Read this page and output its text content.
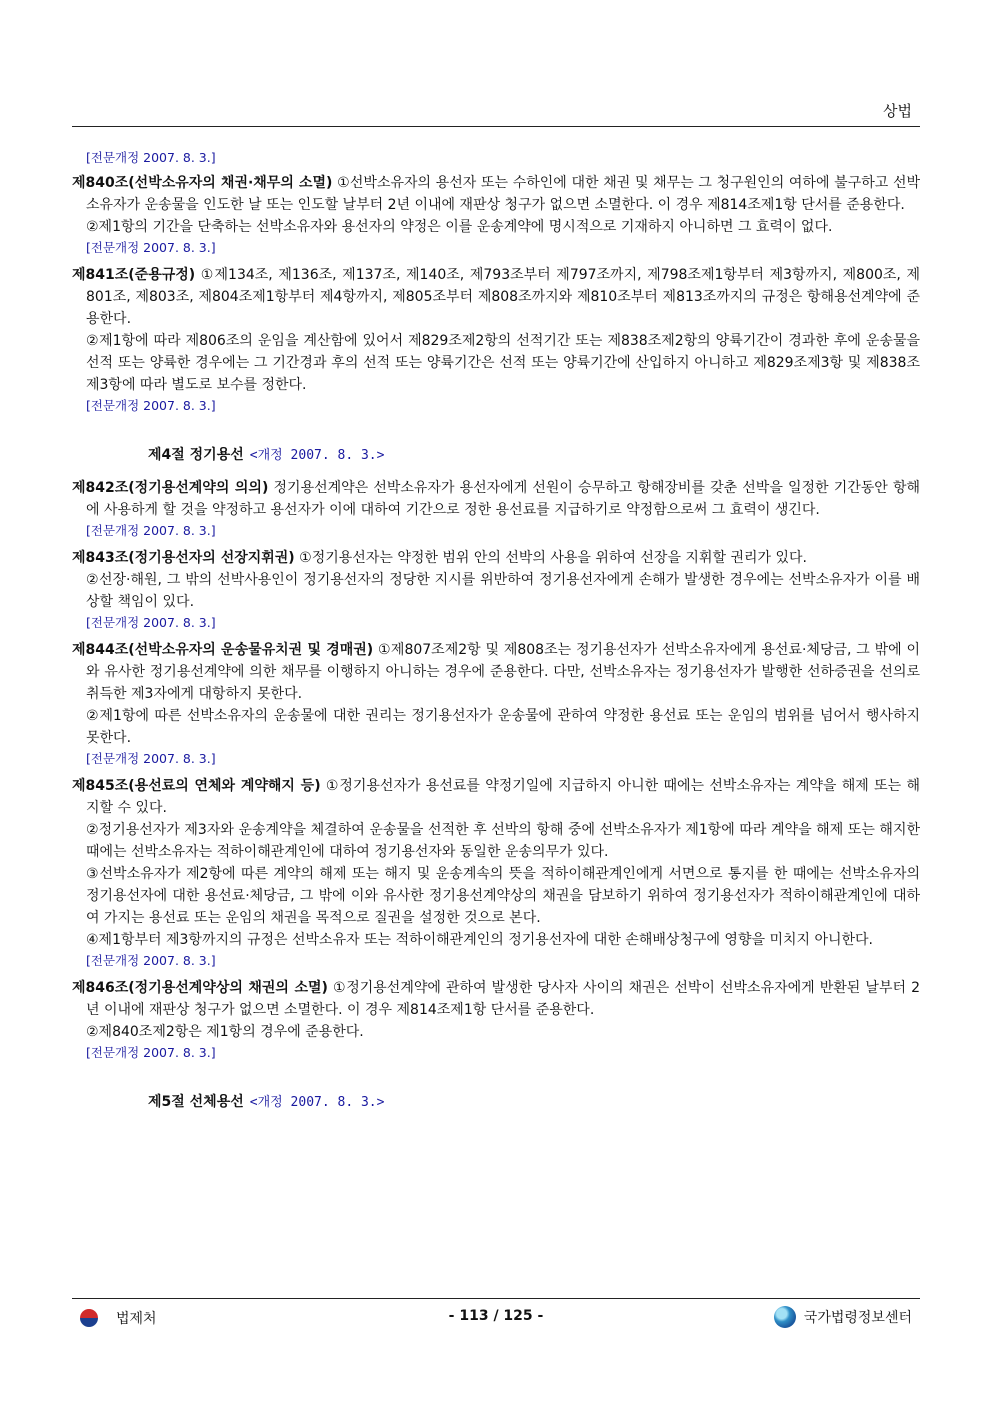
상법
[전문개정 2007. 8. 3.]

제840조(선박소유자의 채권·채무의 소멸) ①선박소유자의 용선자 또는 수하인에 대한 채권 및 채무는 그 청구원인의 여하에 불구하고 선박소유자가 운송물을 인도한 날 또는 인도할 날부터 2년 이내에 재판상 청구가 없으면 소멸한다. 이 경우 제814조제1항 단서를 준용한다.

②제1항의 기간을 단축하는 선박소유자와 용선자의 약정은 이를 운송계약에 명시적으로 기재하지 아니하면 그 효력이 없다.

[전문개정 2007. 8. 3.]

제841조(준용규정) ①제134조, 제136조, 제137조, 제140조, 제793조부터 제797조까지, 제798조제1항부터 제3항까지, 제800조, 제801조, 제803조, 제804조제1항부터 제4항까지, 제805조부터 제808조까지와 제810조부터 제813조까지의 규정은 항해용선계약에 준용한다.

②제1항에 따라 제806조의 운임을 계산함에 있어서 제829조제2항의 선적기간 또는 제838조제2항의 양륙기간이 경과한 후에 운송물을 선적 또는 양륙한 경우에는 그 기간경과 후의 선적 또는 양륙기간은 선적 또는 양륙기간에 산입하지 아니하고 제829조제3항 및 제838조제3항에 따라 별도로 보수를 정한다.

[전문개정 2007. 8. 3.]
제4절 정기용선 <개정 2007. 8. 3.>

제842조(정기용선계약의 의의) 정기용선계약은 선박소유자가 용선자에게 선원이 승무하고 항해장비를 갖춘 선박을 일정한 기간동안 항해에 사용하게 할 것을 약정하고 용선자가 이에 대하여 기간으로 정한 용선료를 지급하기로 약정함으로써 그 효력이 생긴다.

[전문개정 2007. 8. 3.]

제843조(정기용선자의 선장지휘권) ①정기용선자는 약정한 범위 안의 선박의 사용을 위하여 선장을 지휘할 권리가 있다.

②선장·해원, 그 밖의 선박사용인이 정기용선자의 정당한 지시를 위반하여 정기용선자에게 손해가 발생한 경우에는 선박소유자가 이를 배상할 책임이 있다.

[전문개정 2007. 8. 3.]

제844조(선박소유자의 운송물유치권 및 경매권) ①제807조제2항 및 제808조는 정기용선자가 선박소유자에게 용선료·체당금, 그 밖에 이와 유사한 정기용선계약에 의한 채무를 이행하지 아니하는 경우에 준용한다. 다만, 선박소유자는 정기용선자가 발행한 선하증권을 선의로 취득한 제3자에게 대항하지 못한다.

②제1항에 따른 선박소유자의 운송물에 대한 권리는 정기용선자가 운송물에 관하여 약정한 용선료 또는 운임의 범위를 넘어서 행사하지 못한다.

[전문개정 2007. 8. 3.]

제845조(용선료의 연체와 계약해지 등) ①정기용선자가 용선료를 약정기일에 지급하지 아니한 때에는 선박소유자는 계약을 해제 또는 해지할 수 있다.

②정기용선자가 제3자와 운송계약을 체결하여 운송물을 선적한 후 선박의 항해 중에 선박소유자가 제1항에 따라 계약을 해제 또는 해지한 때에는 선박소유자는 적하이해관계인에 대하여 정기용선자와 동일한 운송의무가 있다.

③선박소유자가 제2항에 따른 계약의 해제 또는 해지 및 운송계속의 뜻을 적하이해관계인에게 서면으로 통지를 한 때에는 선박소유자의 정기용선자에 대한 용선료·체당금, 그 밖에 이와 유사한 정기용선계약상의 채권을 담보하기 위하여 정기용선자가 적하이해관계인에 대하여 가지는 용선료 또는 운임의 채권을 목적으로 질권을 설정한 것으로 본다.

④제1항부터 제3항까지의 규정은 선박소유자 또는 적하이해관계인의 정기용선자에 대한 손해배상청구에 영향을 미치지 아니한다.

[전문개정 2007. 8. 3.]

제846조(정기용선계약상의 채권의 소멸) ①정기용선계약에 관하여 발생한 당사자 사이의 채권은 선박이 선박소유자에게 반환된 날부터 2년 이내에 재판상 청구가 없으면 소멸한다. 이 경우 제814조제1항 단서를 준용한다.

②제840조제2항은 제1항의 경우에 준용한다.

[전문개정 2007. 8. 3.]
제5절 선체용선 <개정 2007. 8. 3.>
법제처	- 113 / 125 -	국가법령정보센터
